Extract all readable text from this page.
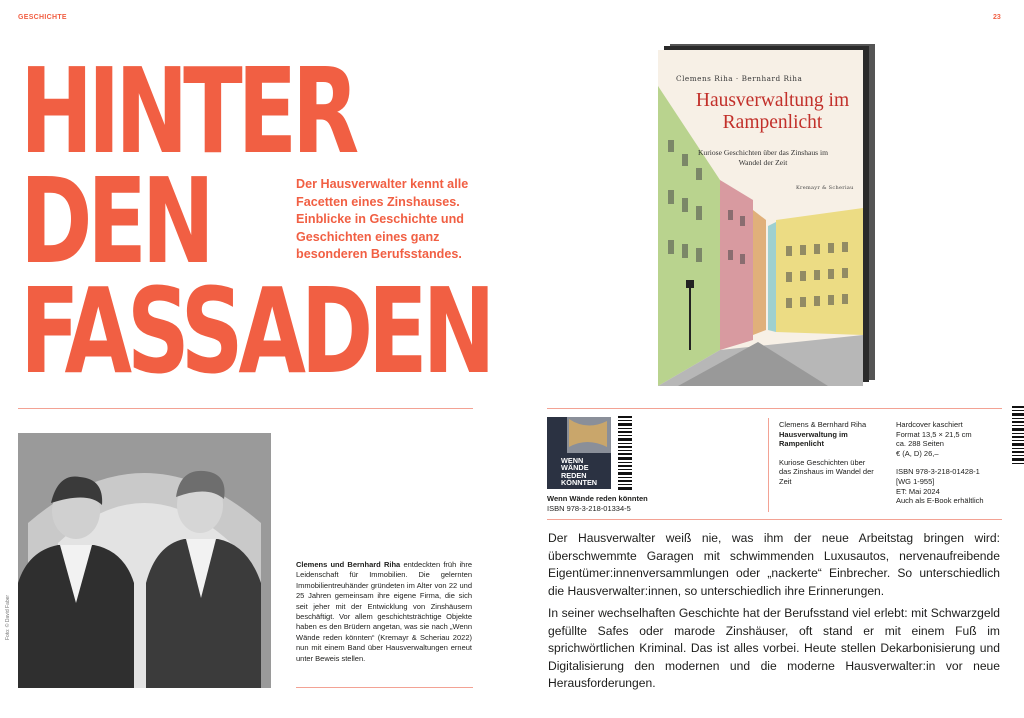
GESCHICHTE	23
HINTER
DEN
FASSADEN
Der Hausverwalter kennt alle Facetten eines Zinshauses. Einblicke in Geschichte und Geschichten eines ganz besonderen Berufsstandes.
Foto: © David Faber
Clemens und Bernhard Riha entdeckten früh ihre Leidenschaft für Immobilien. Die gelernten Immobilientreuhänder gründeten im Alter von 22 und 25 Jahren gemeinsam ihre eigene Firma, die sich seit jeher mit der Entwicklung von Zinshäusern beschäftigt. Vor allem geschichtsträchtige Objekte haben es den Brüdern angetan, was sie nach „Wenn Wände reden könnten“ (Kremayr & Scheriau 2022) nun mit einem Band über Hausverwaltungen erneut unter Beweis stellen.
Clemens Riha · Bernhard Riha
Hausverwaltung im Rampenlicht
Kuriose Geschichten über das Zinshaus im Wandel der Zeit
Kremayr & Scheriau
WENN
WÄNDE
REDEN
KÖNNTEN
Wenn Wände reden könnten
ISBN 978-3-218-01334-5
Clemens & Bernhard Riha
Hausverwaltung im Rampenlicht
Kuriose Geschichten über das Zinshaus im Wandel der Zeit
Hardcover kaschiert
Format 13,5 × 21,5 cm
ca. 288 Seiten
€ (A, D) 26,–
ISBN 978-3-218-01428-1
[WG 1-955]
ET: Mai 2024
Auch als E-Book erhältlich
Der Hausverwalter weiß nie, was ihm der neue Arbeitstag bringen wird: überschwemmte Garagen mit schwimmenden Luxusautos, nervenaufreibende Eigentümer:innenversammlungen oder „nackerte“ Einbrecher. So unterschiedlich die Hausverwalter:innen, so unterschiedlich ihre Erinnerungen.
In seiner wechselhaften Geschichte hat der Berufsstand viel erlebt: mit Schwarzgeld gefüllte Safes oder marode Zinshäuser, oft stand er mit einem Fuß im sprichwörtlichen Kriminal. Das ist alles vorbei. Heute stellen Dekarbonisierung und Digitalisierung den modernen und die moderne Hausverwalter:in vor neue Herausforderungen.
